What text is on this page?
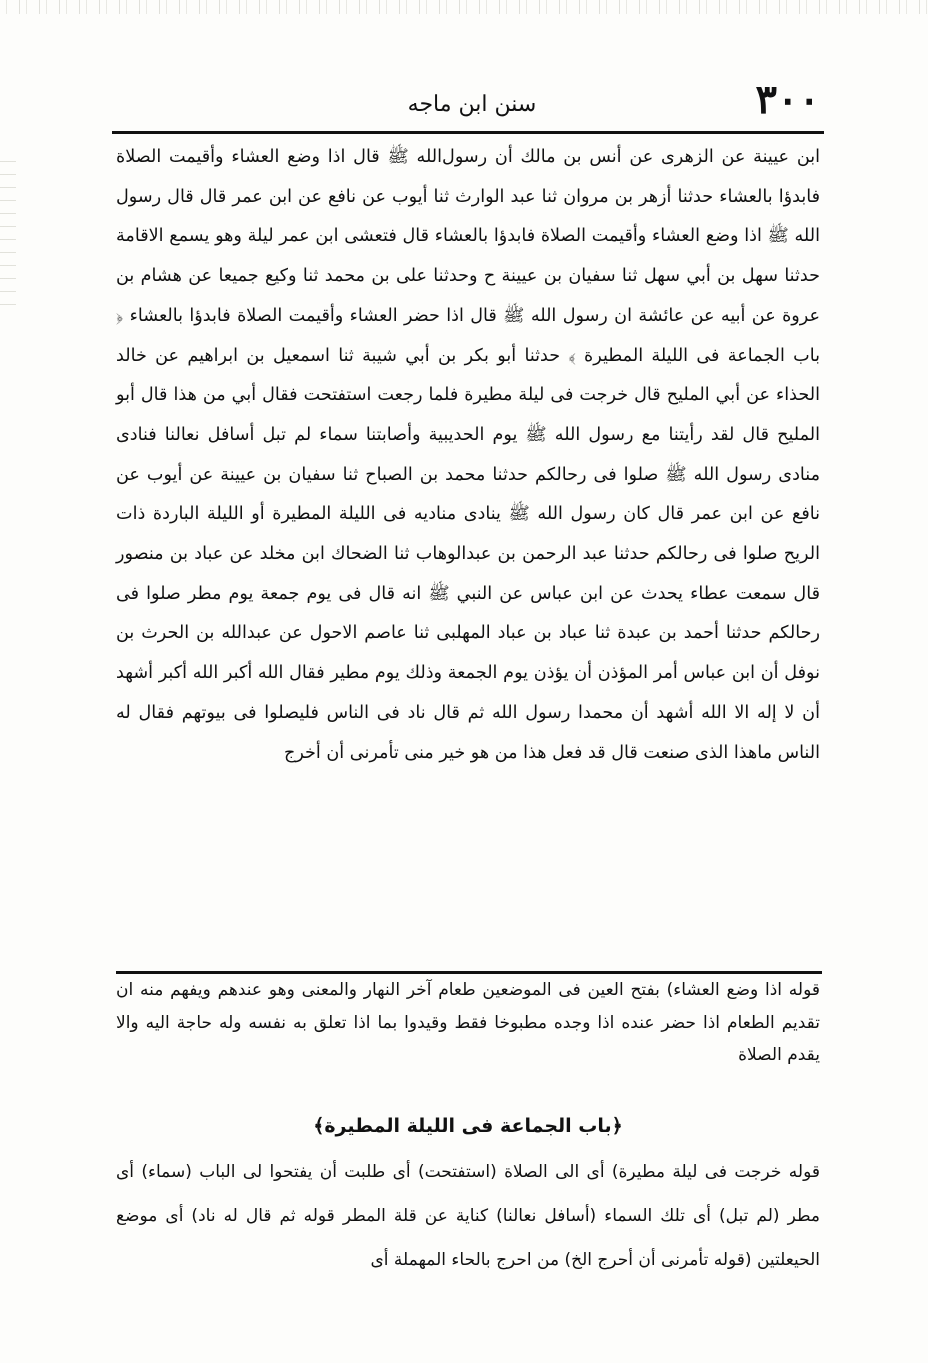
سنن ابن ماجه	٣٠٠

ابن عيينة عن الزهرى عن أنس بن مالك أن رسول‌الله ﷺ قال اذا وضع العشاء وأقيمت الصلاة فابدؤا بالعشاء حدثنا أزهر بن مروان ثنا عبد الوارث ثنا أيوب عن نافع عن ابن عمر قال قال رسول الله ﷺ اذا وضع العشاء وأقيمت الصلاة فابدؤا بالعشاء قال فتعشى ابن عمر ليلة وهو يسمع الاقامة حدثنا سهل بن أبي سهل ثنا سفيان بن عيينة ح وحدثنا على بن محمد ثنا وكيع جميعا عن هشام بن عروة عن أبيه عن عائشة ان رسول الله ﷺ قال اذا حضر العشاء وأقيمت الصلاة فابدؤا بالعشاء ﴿ باب الجماعة فى الليلة المطيرة ﴾ حدثنا أبو بكر بن أبي شيبة ثنا اسمعيل بن ابراهيم عن خالد الحذاء عن أبي المليح قال خرجت فى ليلة مطيرة فلما رجعت استفتحت فقال أبي من هذا قال أبو المليح قال لقد رأيتنا مع رسول الله ﷺ يوم الحديبية وأصابتنا سماء لم تبل أسافل نعالنا فنادى منادى رسول الله ﷺ صلوا فى رحالكم حدثنا محمد بن الصباح ثنا سفيان بن عيينة عن أيوب عن نافع عن ابن عمر قال كان رسول الله ﷺ ينادى مناديه فى الليلة المطيرة أو الليلة الباردة ذات الريح صلوا فى رحالكم حدثنا عبد الرحمن بن عبدالوهاب ثنا الضحاك ابن مخلد عن عباد بن منصور قال سمعت عطاء يحدث عن ابن عباس عن النبي ﷺ انه قال فى يوم جمعة يوم مطر صلوا فى رحالكم حدثنا أحمد بن عبدة ثنا عباد بن عباد المهلبى ثنا عاصم الاحول عن عبدالله بن الحرث بن نوفل أن ابن عباس أمر المؤذن أن يؤذن يوم الجمعة وذلك يوم مطير فقال الله أكبر الله أكبر أشهد أن لا إله الا الله أشهد أن محمدا رسول الله ثم قال ناد فى الناس فليصلوا فى بيوتهم فقال له الناس ماهذا الذى صنعت قال قد فعل هذا من هو خير منى تأمرنى أن أخرج

قوله اذا وضع العشاء) بفتح العين فى الموضعين طعام آخر النهار والمعنى وهو عندهم ويفهم منه ان تقديم الطعام اذا حضر عنده اذا وجده مطبوخا فقط وقيدوا بما اذا تعلق به نفسه وله حاجة اليه والا يقدم الصلاة

﴿باب الجماعة فى الليلة المطيرة﴾

قوله خرجت فى ليلة مطيرة) أى الى الصلاة (استفتحت) أى طلبت أن يفتحوا لى الباب (سماء) أى مطر (لم تبل) أى تلك السماء (أسافل نعالنا) كناية عن قلة المطر قوله ثم قال له ناد) أى موضع الحيعلتين (قوله تأمرنى أن أحرج الخ) من احرج بالحاء المهملة أى
